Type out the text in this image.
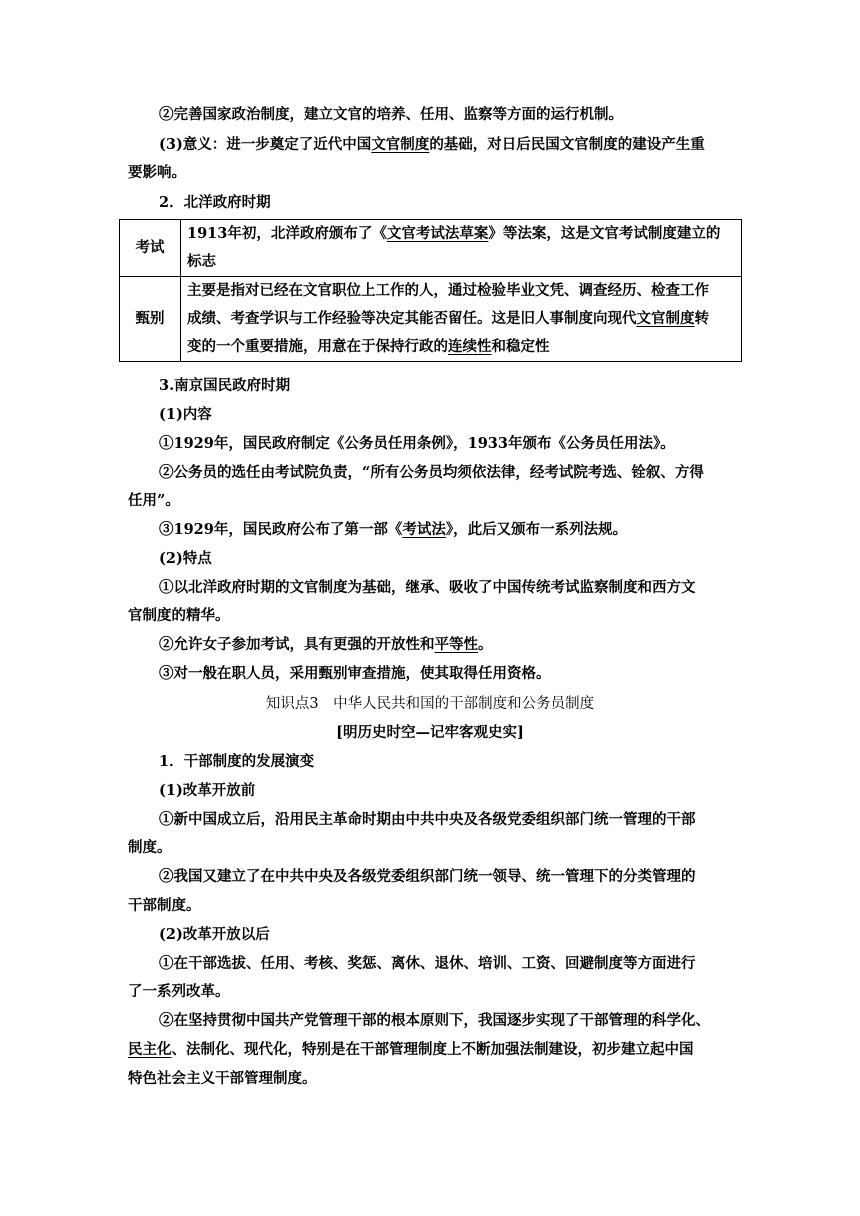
②完善国家政治制度，建立文官的培养、任用、监察等方面的运行机制。
(3)意义：进一步奠定了近代中国文官制度的基础，对日后民国文官制度的建设产生重
要影响。
2．北洋政府时期
考试	1913年初，北洋政府颁布了《文官考试法草案》等法案，这是文官考试制度建立的
标志

甄别	主要是指对已经在文官职位上工作的人，通过检验毕业文凭、调查经历、检查工作
成绩、考查学识与工作经验等决定其能否留任。这是旧人事制度向现代文官制度转
变的一个重要措施，用意在于保持行政的连续性和稳定性
3.南京国民政府时期
(1)内容
①1929年，国民政府制定《公务员任用条例》，1933年颁布《公务员任用法》。
②公务员的选任由考试院负责，“所有公务员均须依法律，经考试院考选、铨叙、方得
任用”。
③1929年，国民政府公布了第一部《考试法》，此后又颁布一系列法规。
(2)特点
①以北洋政府时期的文官制度为基础，继承、吸收了中国传统考试监察制度和西方文
官制度的精华。
②允许女子参加考试，具有更强的开放性和平等性。
③对一般在职人员，采用甄别审查措施，使其取得任用资格。
知识点3　中华人民共和国的干部制度和公务员制度
[明历史时空—记牢客观史实]
1．干部制度的发展演变
(1)改革开放前
①新中国成立后，沿用民主革命时期由中共中央及各级党委组织部门统一管理的干部
制度。
②我国又建立了在中共中央及各级党委组织部门统一领导、统一管理下的分类管理的
干部制度。
(2)改革开放以后
①在干部选拔、任用、考核、奖惩、离休、退休、培训、工资、回避制度等方面进行
了一系列改革。
②在坚持贯彻中国共产党管理干部的根本原则下，我国逐步实现了干部管理的科学化、
民主化、法制化、现代化，特别是在干部管理制度上不断加强法制建设，初步建立起中国
特色社会主义干部管理制度。
